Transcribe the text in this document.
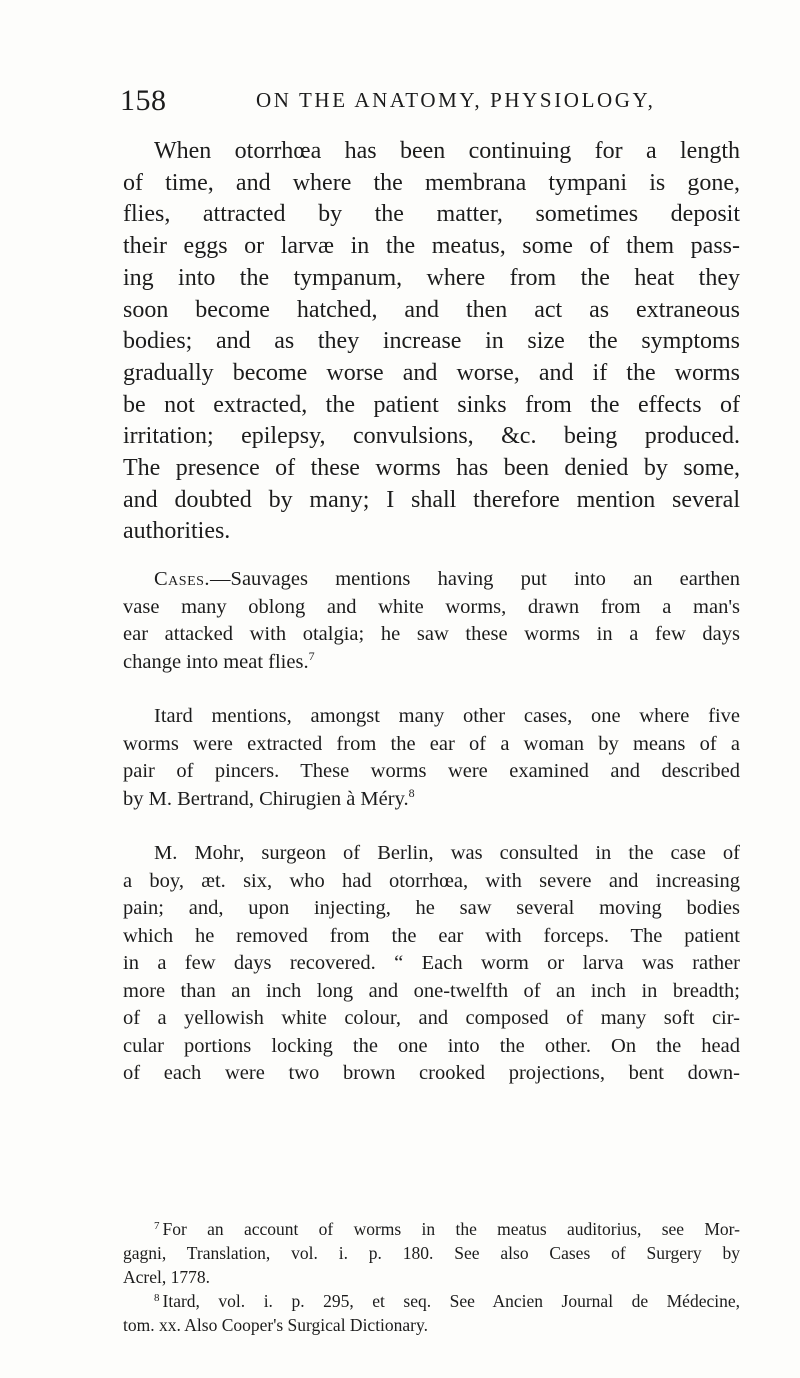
158	ON THE ANATOMY, PHYSIOLOGY,
When otorrhœa has been continuing for a length
of time, and where the membrana tympani is gone,
flies, attracted by the matter, sometimes deposit
their eggs or larvæ in the meatus, some of them pass-
ing into the tympanum, where from the heat they
soon become hatched, and then act as extraneous
bodies; and as they increase in size the symptoms
gradually become worse and worse, and if the worms
be not extracted, the patient sinks from the effects of
irritation; epilepsy, convulsions, &c. being produced.
The presence of these worms has been denied by some,
and doubted by many; I shall therefore mention several
authorities.
Cases.—Sauvages mentions having put into an earthen
vase many oblong and white worms, drawn from a man's
ear attacked with otalgia; he saw these worms in a few days
change into meat flies.$^7$
Itard mentions, amongst many other cases, one where five
worms were extracted from the ear of a woman by means of a
pair of pincers. These worms were examined and described
by M. Bertrand, Chirugien à Méry.$^8$
M. Mohr, surgeon of Berlin, was consulted in the case of
a boy, æt. six, who had otorrhœa, with severe and increasing
pain; and, upon injecting, he saw several moving bodies
which he removed from the ear with forceps. The patient
in a few days recovered. “ Each worm or larva was rather
more than an inch long and one-twelfth of an inch in breadth;
of a yellowish white colour, and composed of many soft cir-
cular portions locking the one into the other. On the head
of each were two brown crooked projections, bent down-
$^7$ For an account of worms in the meatus auditorius, see Mor-
gagni, Translation, vol. i. p. 180. See also Cases of Surgery by
Acrel, 1778.
$^8$ Itard, vol. i. p. 295, et seq. See Ancien Journal de Médecine,
tom. xx. Also Cooper's Surgical Dictionary.
